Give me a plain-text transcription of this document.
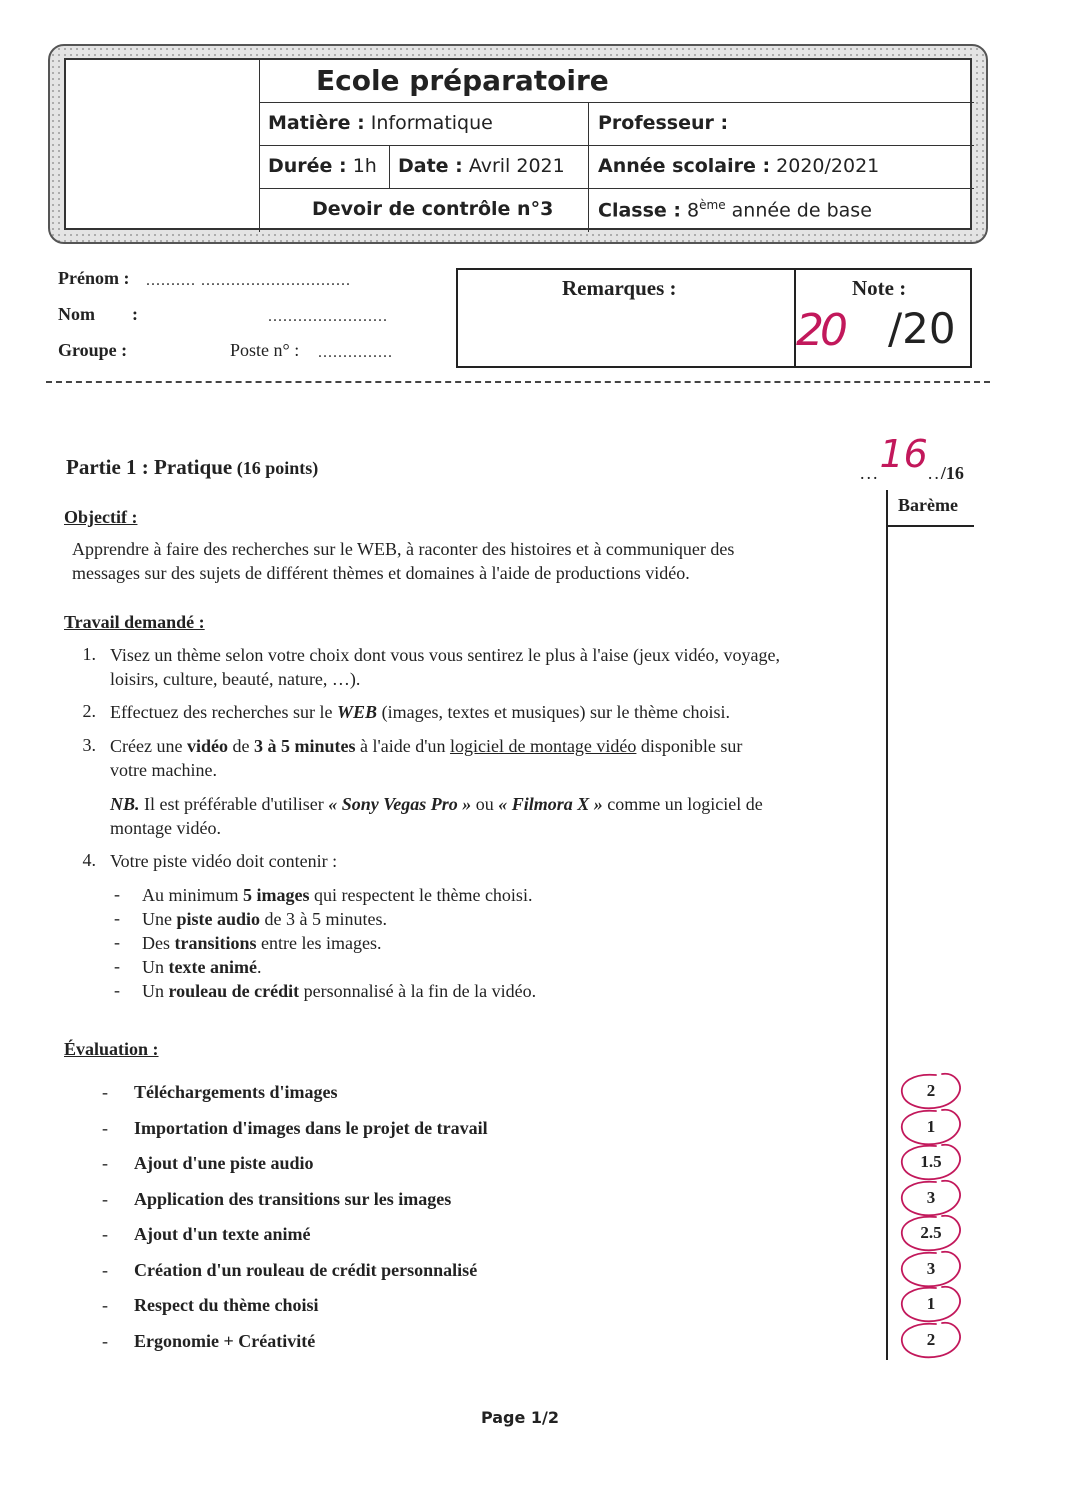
Ecole préparatoire
Matière : Informatique	Professeur :
Durée : 1h Date : Avril 2021 Année scolaire : 2020/2021
Devoir de contrôle n°3 Classe : 8ème année de base
Prénom : .......... ..............................
Nom :	........................
Groupe :	Poste n° : ...............
Remarques :	Note :
20 /20
Partie 1 : Pratique (16 points)	...16../16
Barème
Objectif :
Apprendre à faire des recherches sur le WEB, à raconter des histoires et à communiquer des
messages sur des sujets de différent thèmes et domaines à l'aide de productions vidéo.
Travail demandé :
1. Visez un thème selon votre choix dont vous vous sentirez le plus à l'aise (jeux vidéo, voyage,
loisirs, culture, beauté, nature, …).
2. Effectuez des recherches sur le WEB (images, textes et musiques) sur le thème choisi.
3. Créez une vidéo de 3 à 5 minutes à l'aide d'un logiciel de montage vidéo disponible sur
votre machine.
NB. Il est préférable d'utiliser « Sony Vegas Pro » ou « Filmora X » comme un logiciel de
montage vidéo.
4. Votre piste vidéo doit contenir :
- Au minimum 5 images qui respectent le thème choisi.
- Une piste audio de 3 à 5 minutes.
- Des transitions entre les images.
- Un texte animé.
- Un rouleau de crédit personnalisé à la fin de la vidéo.
Évaluation :
- Téléchargements d'images	2
- Importation d'images dans le projet de travail	1
- Ajout d'une piste audio	1.5
- Application des transitions sur les images	3
- Ajout d'un texte animé	2.5
- Création d'un rouleau de crédit personnalisé	3
- Respect du thème choisi	1
- Ergonomie + Créativité	2
Page 1/2
